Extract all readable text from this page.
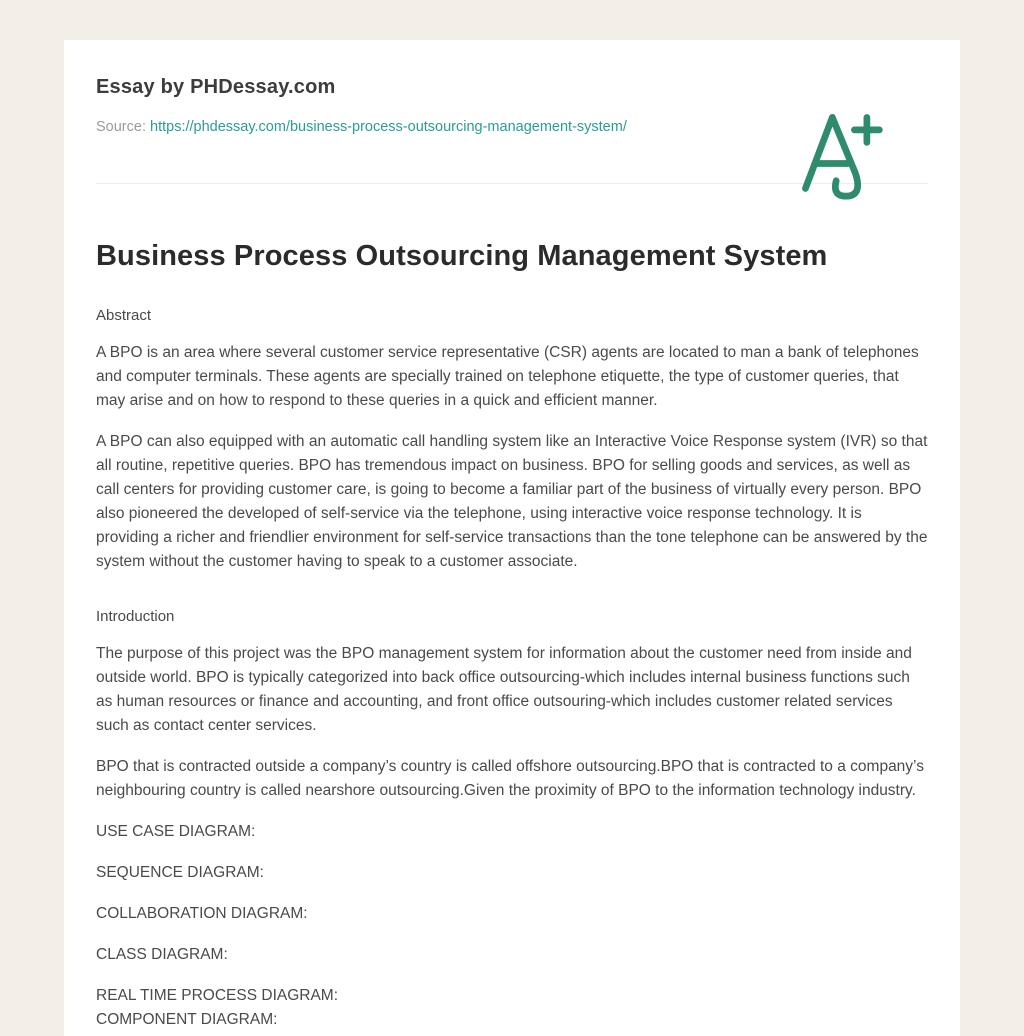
Essay by PHDessay.com
Source: https://phdessay.com/business-process-outsourcing-management-system/
Business Process Outsourcing Management System
Abstract

A BPO is an area where several customer service representative (CSR) agents are located to man a bank of telephones and computer terminals. These agents are specially trained on telephone etiquette, the type of customer queries, that may arise and on how to respond to these queries in a quick and efficient manner.

A BPO can also equipped with an automatic call handling system like an Interactive Voice Response system (IVR) so that all routine, repetitive queries. BPO has tremendous impact on business. BPO for selling goods and services, as well as call centers for providing customer care, is going to become a familiar part of the business of virtually every person. BPO also pioneered the developed of self-service via the telephone, using interactive voice response technology. It is providing a richer and friendlier environment for self-service transactions than the tone telephone can be answered by the system without the customer having to speak to a customer associate.

Introduction

The purpose of this project was the BPO management system for information about the customer need from inside and outside world. BPO is typically categorized into back office outsourcing-which includes internal business functions such as human resources or finance and accounting, and front office outsouring-which includes customer related services such as contact center services.

BPO that is contracted outside a company’s country is called offshore outsourcing.BPO that is contracted to a company’s neighbouring country is called nearshore outsourcing.Given the proximity of BPO to the information technology industry.

USE CASE DIAGRAM:
SEQUENCE DIAGRAM:
COLLABORATION DIAGRAM:
CLASS DIAGRAM:
REAL TIME PROCESS DIAGRAM:
COMPONENT DIAGRAM:
